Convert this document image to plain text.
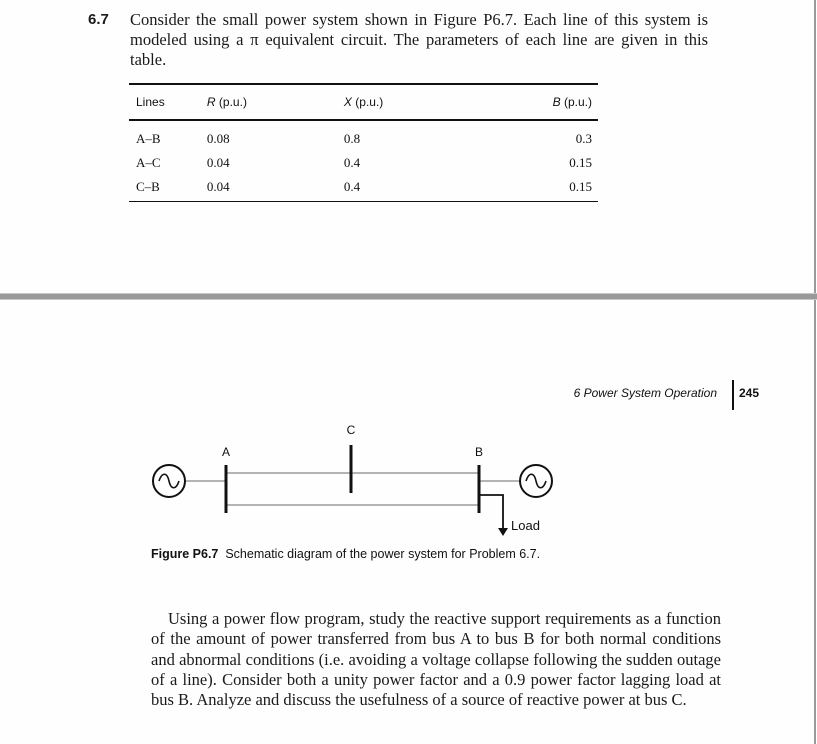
6.7 Consider the small power system shown in Figure P6.7. Each line of this system is modeled using a π equivalent circuit. The parameters of each line are given in this table.
Lines	R (p.u.)	X (p.u.)	B (p.u.)
A–B	0.08	0.8	0.3
A–C	0.04	0.4	0.15
C–B	0.04	0.4	0.15
6 Power System Operation 245
A
C
B
Load
Figure P6.7 Schematic diagram of the power system for Problem 6.7.
Using a power flow program, study the reactive support requirements as a function of the amount of power transferred from bus A to bus B for both normal conditions and abnormal conditions (i.e. avoiding a voltage collapse following the sudden outage of a line). Consider both a unity power factor and a 0.9 power factor lagging load at bus B. Analyze and discuss the usefulness of a source of reactive power at bus C.
